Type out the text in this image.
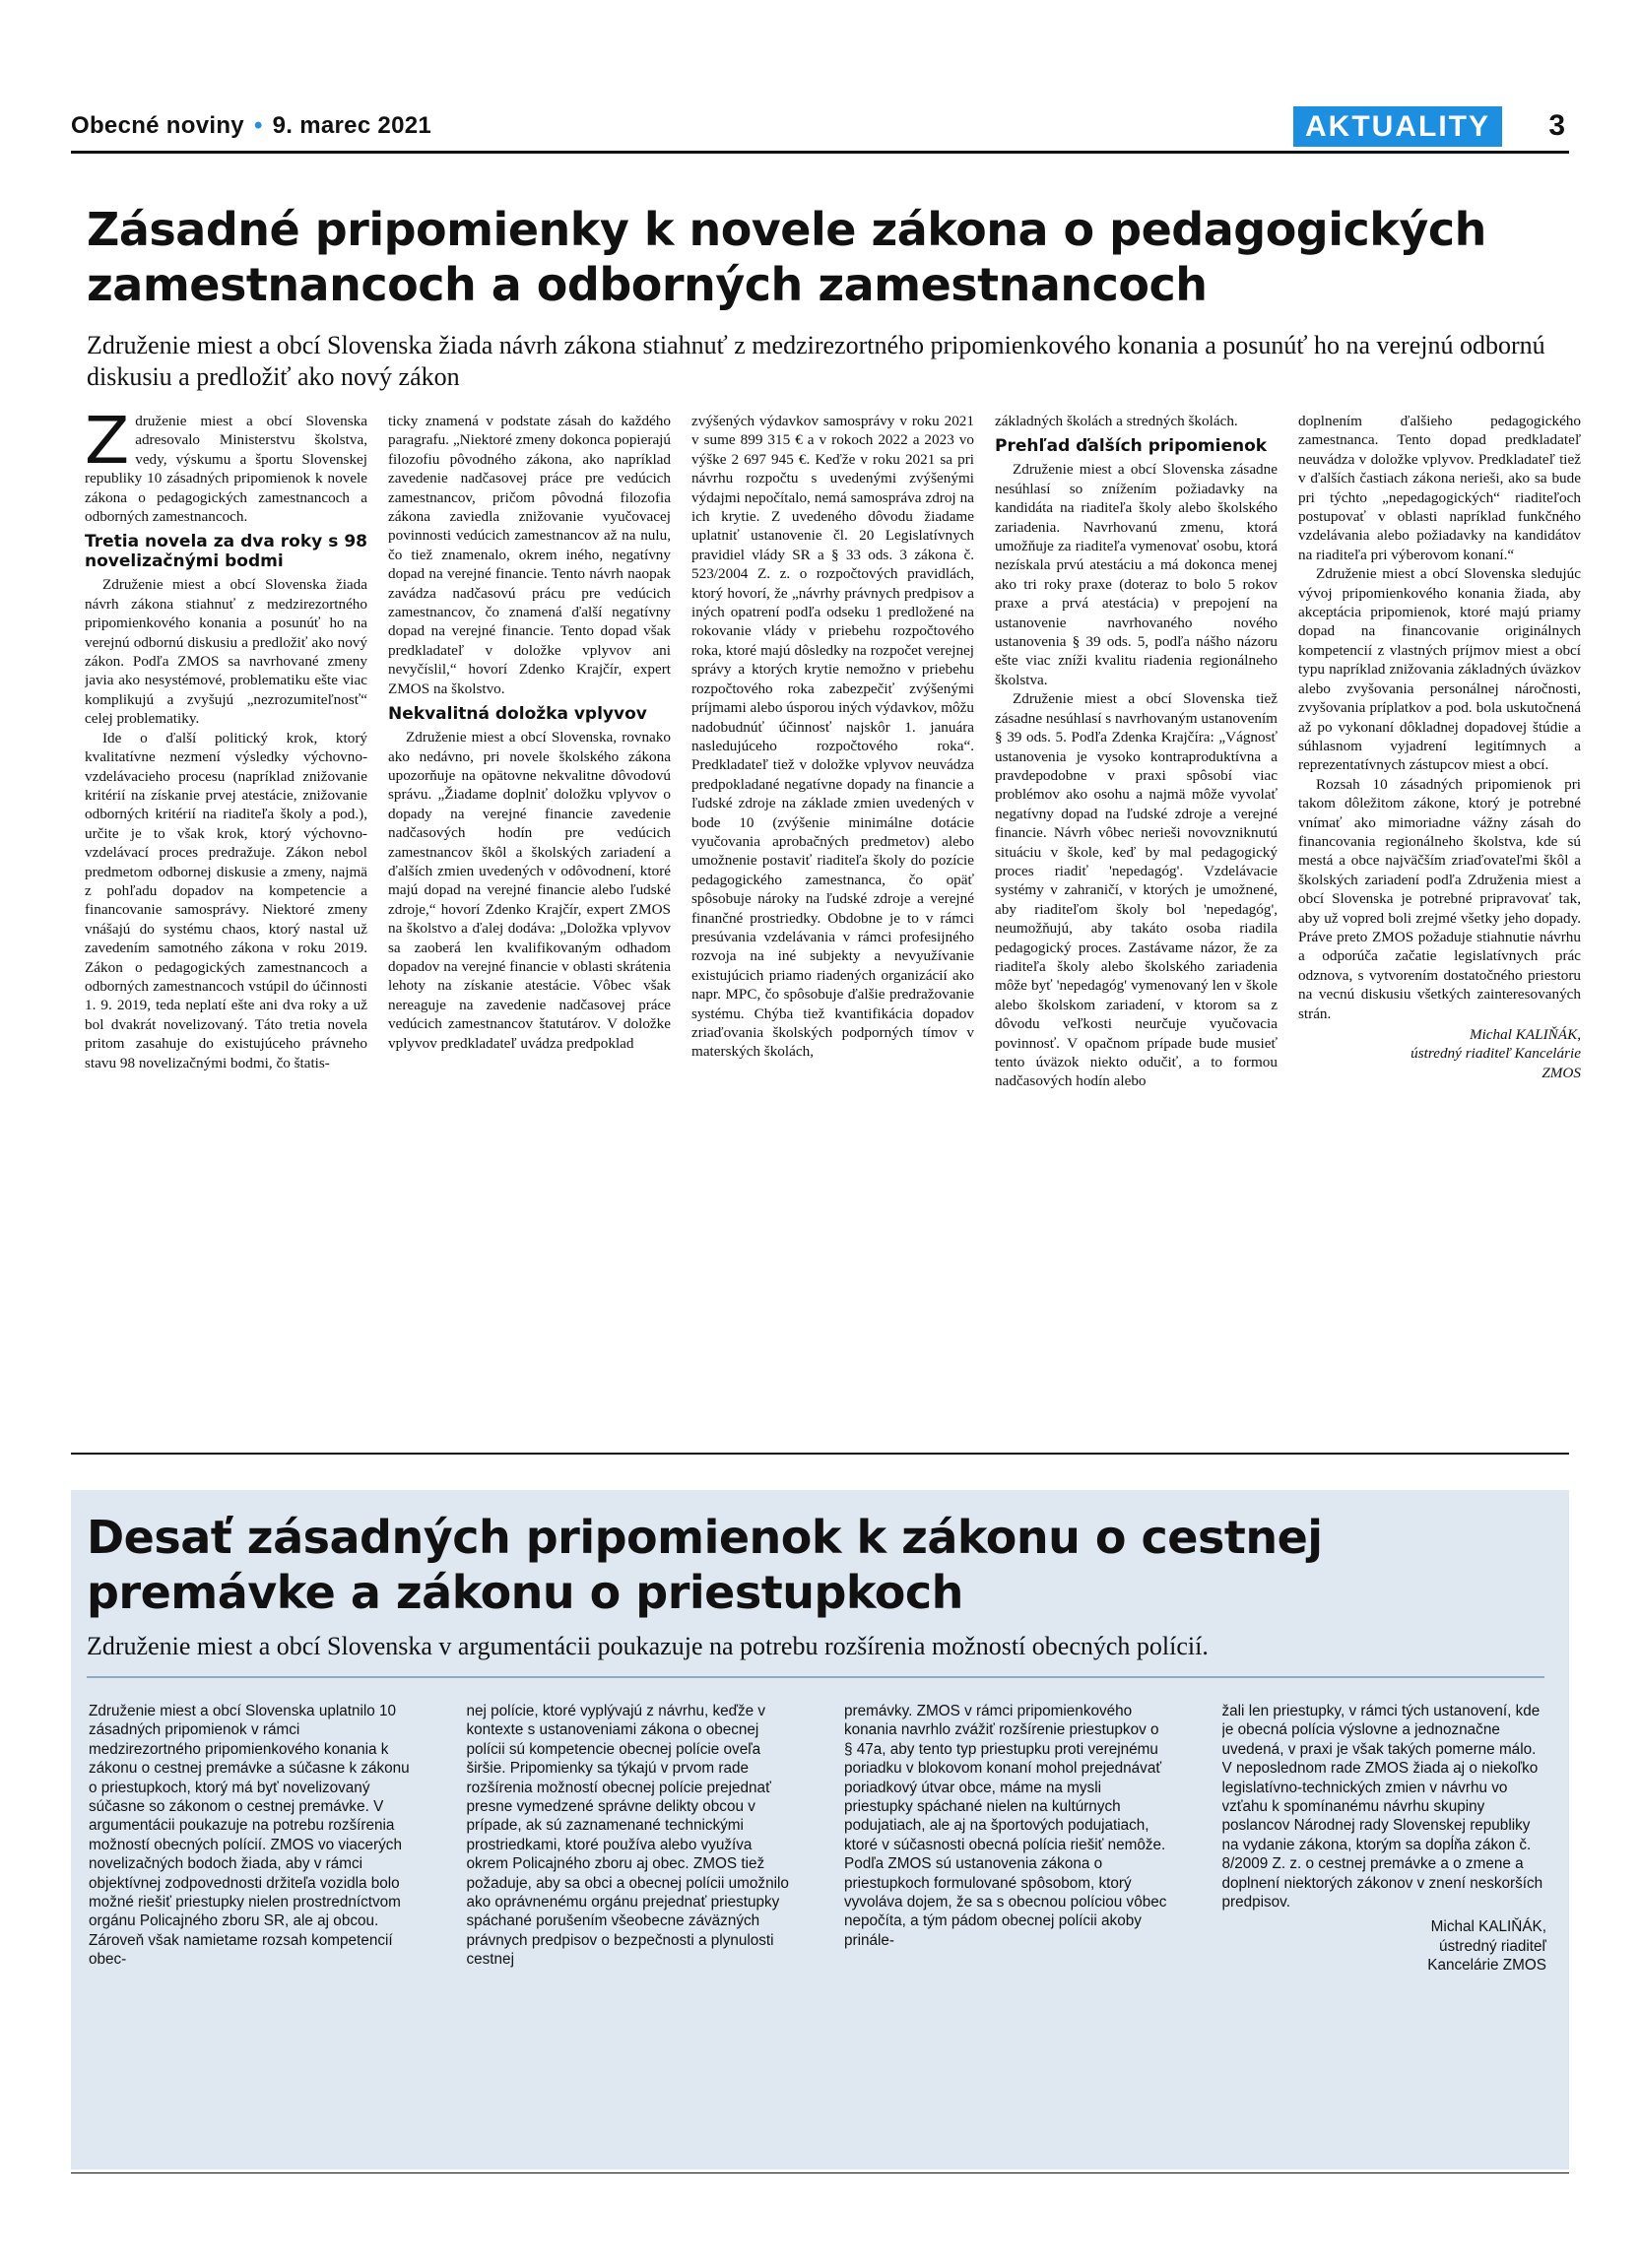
Obecné noviny • 9. marec 2021	AKTUALITY	3
Zásadné pripomienky k novele zákona o pedagogických zamestnancoch a odborných zamestnancoch

Združenie miest a obcí Slovenska žiada návrh zákona stiahnuť z medzirezortného pripomienkového konania a posunúť ho na verejnú odbornú diskusiu a predložiť ako nový zákon

Združenie miest a obcí Slovenska adresovalo Ministerstvu školstva, vedy, výskumu a športu Slovenskej republiky 10 zásadných pripomienok k novele zákona o pedagogických zamestnancoch a odborných zamestnancoch.

Tretia novela za dva roky s 98 novelizačnými bodmi

Združenie miest a obcí Slovenska žiada návrh zákona stiahnuť z medzirezortného pripomienkového konania a posunúť ho na verejnú odbornú diskusiu a predložiť ako nový zákon. Podľa ZMOS sa navrhované zmeny javia ako nesystémové, problematiku ešte viac komplikujú a zvyšujú „nezrozumiteľnosť“ celej problematiky.

Ide o ďalší politický krok, ktorý kvalitatívne nezmení výsledky výchovno-vzdelávacieho procesu (napríklad znižovanie kritérií na získanie prvej atestácie, znižovanie odborných kritérií na riaditeľa školy a pod.), určite je to však krok, ktorý výchovno-vzdelávací proces predražuje. Zákon nebol predmetom odbornej diskusie a zmeny, najmä z pohľadu dopadov na kompetencie a financovanie samosprávy. Niektoré zmeny vnášajú do systému chaos, ktorý nastal už zavedením samotného zákona v roku 2019. Zákon o pedagogických zamestnancoch a odborných zamestnancoch vstúpil do účinnosti 1. 9. 2019, teda neplatí ešte ani dva roky a už bol dvakrát novelizovaný. Táto tretia novela pritom zasahuje do existujúceho právneho stavu 98 novelizačnými bodmi, čo štatis-

ticky znamená v podstate zásah do každého paragrafu. „Niektoré zmeny dokonca popierajú filozofiu pôvodného zákona, ako napríklad zavedenie nadčasovej práce pre vedúcich zamestnancov, pričom pôvodná filozofia zákona zaviedla znižovanie vyučovacej povinnosti vedúcich zamestnancov až na nulu, čo tiež znamenalo, okrem iného, negatívny dopad na verejné financie. Tento návrh naopak zavádza nadčasovú prácu pre vedúcich zamestnancov, čo znamená ďalší negatívny dopad na verejné financie. Tento dopad však predkladateľ v doložke vplyvov ani nevyčíslil,“ hovorí Zdenko Krajčír, expert ZMOS na školstvo.

Nekvalitná doložka vplyvov

Združenie miest a obcí Slovenska, rovnako ako nedávno, pri novele školského zákona upozorňuje na opätovne nekvalitne dôvodovú správu. „Žiadame doplniť doložku vplyvov o dopady na verejné financie zavedenie nadčasových hodín pre vedúcich zamestnancov škôl a školských zariadení a ďalších zmien uvedených v odôvodnení, ktoré majú dopad na verejné financie alebo ľudské zdroje,“ hovorí Zdenko Krajčír, expert ZMOS na školstvo a ďalej dodáva: „Doložka vplyvov sa zaoberá len kvalifikovaným odhadom dopadov na verejné financie v oblasti skrátenia lehoty na získanie atestácie. Vôbec však nereaguje na zavedenie nadčasovej práce vedúcich zamestnancov štatutárov. V doložke vplyvov predkladateľ uvádza predpoklad

zvýšených výdavkov samosprávy v roku 2021 v sume 899 315 € a v rokoch 2022 a 2023 vo výške 2 697 945 €. Keďže v roku 2021 sa pri návrhu rozpočtu s uvedenými zvýšenými výdajmi nepočítalo, nemá samospráva zdroj na ich krytie. Z uvedeného dôvodu žiadame uplatniť ustanovenie čl. 20 Legislatívnych pravidiel vlády SR a § 33 ods. 3 zákona č. 523/2004 Z. z. o rozpočtových pravidlách, ktorý hovorí, že „návrhy právnych predpisov a iných opatrení podľa odseku 1 predložené na rokovanie vlády v priebehu rozpočtového roka, ktoré majú dôsledky na rozpočet verejnej správy a ktorých krytie nemožno v priebehu rozpočtového roka zabezpečiť zvýšenými príjmami alebo úsporou iných výdavkov, môžu nadobudnúť účinnosť najskôr 1. januára nasledujúceho rozpočtového roka“. Predkladateľ tiež v doložke vplyvov neuvádza predpokladané negatívne dopady na financie a ľudské zdroje na základe zmien uvedených v bode 10 (zvýšenie minimálne dotácie vyučovania aprobačných predmetov) alebo umožnenie postaviť riaditeľa školy do pozície pedagogického zamestnanca, čo opäť spôsobuje nároky na ľudské zdroje a verejné finančné prostriedky. Obdobne je to v rámci presúvania vzdelávania v rámci profesijného rozvoja na iné subjekty a nevyužívanie existujúcich priamo riadených organizácií ako napr. MPC, čo spôsobuje ďalšie predražovanie systému. Chýba tiež kvantifikácia dopadov zriaďovania školských podporných tímov v materských školách,

základných školách a stredných školách.

Prehľad ďalších pripomienok

Združenie miest a obcí Slovenska zásadne nesúhlasí so znížením požiadavky na kandidáta na riaditeľa školy alebo školského zariadenia. Navrhovanú zmenu, ktorá umožňuje za riaditeľa vymenovať osobu, ktorá nezískala prvú atestáciu a má dokonca menej ako tri roky praxe (doteraz to bolo 5 rokov praxe a prvá atestácia) v prepojení na ustanovenie navrhovaného nového ustanovenia § 39 ods. 5, podľa nášho názoru ešte viac zníži kvalitu riadenia regionálneho školstva.

Združenie miest a obcí Slovenska tiež zásadne nesúhlasí s navrhovaným ustanovením § 39 ods. 5. Podľa Zdenka Krajčíra: „Vágnosť ustanovenia je vysoko kontraproduktívna a pravdepodobne v praxi spôsobí viac problémov ako osohu a najmä môže vyvolať negatívny dopad na ľudské zdroje a verejné financie. Návrh vôbec nerieši novovzniknutú situáciu v škole, keď by mal pedagogický proces riadiť 'nepedagóg'. Vzdelávacie systémy v zahraničí, v ktorých je umožnené, aby riaditeľom školy bol 'nepedagóg', neumožňujú, aby takáto osoba riadila pedagogický proces. Zastávame názor, že za riaditeľa školy alebo školského zariadenia môže byť 'nepedagóg' vymenovaný len v škole alebo školskom zariadení, v ktorom sa z dôvodu veľkosti neurčuje vyučovacia povinnosť. V opačnom prípade bude musieť tento úväzok niekto odučiť, a to formou nadčasových hodín alebo

doplnením ďalšieho pedagogického zamestnanca. Tento dopad predkladateľ neuvádza v doložke vplyvov. Predkladateľ tiež v ďalších častiach zákona nerieši, ako sa bude pri týchto „nepedagogických“ riaditeľoch postupovať v oblasti napríklad funkčného vzdelávania alebo požiadavky na kandidátov na riaditeľa pri výberovom konaní.“

Združenie miest a obcí Slovenska sledujúc vývoj pripomienkového konania žiada, aby akceptácia pripomienok, ktoré majú priamy dopad na financovanie originálnych kompetencií z vlastných príjmov miest a obcí typu napríklad znižovania základných úväzkov alebo zvyšovania personálnej náročnosti, zvyšovania príplatkov a pod. bola uskutočnená až po vykonaní dôkladnej dopadovej štúdie a súhlasnom vyjadrení legitímnych a reprezentatívnych zástupcov miest a obcí.

Rozsah 10 zásadných pripomienok pri takom dôležitom zákone, ktorý je potrebné vnímať ako mimoriadne vážny zásah do financovania regionálneho školstva, kde sú mestá a obce najväčším zriaďovateľmi škôl a školských zariadení podľa Združenia miest a obcí Slovenska je potrebné pripravovať tak, aby už vopred boli zrejmé všetky jeho dopady. Práve preto ZMOS požaduje stiahnutie návrhu a odporúča začatie legislatívnych prác odznova, s vytvorením dostatočného priestoru na vecnú diskusiu všetkých zainteresovaných strán.

Michal KALIŇÁK,
ústredný riaditeľ Kancelárie
ZMOS
Desať zásadných pripomienok k zákonu o cestnej premávke a zákonu o priestupkoch

Združenie miest a obcí Slovenska v argumentácii poukazuje na potrebu rozšírenia možností obecných polícií.

Združenie miest a obcí Slovenska uplatnilo 10 zásadných pripomienok v rámci medzirezortného pripomienkového konania k zákonu o cestnej premávke a súčasne k zákonu o priestupkoch, ktorý má byť novelizovaný súčasne so zákonom o cestnej premávke. V argumentácii poukazuje na potrebu rozšírenia možností obecných polícií. ZMOS vo viacerých novelizačných bodoch žiada, aby v rámci objektívnej zodpovednosti držiteľa vozidla bolo možné riešiť priestupky nielen prostredníctvom orgánu Policajného zboru SR, ale aj obcou. Zároveň však namietame rozsah kompetencií obec-

nej polície, ktoré vyplývajú z návrhu, keďže v kontexte s ustanoveniami zákona o obecnej polícii sú kompetencie obecnej polície oveľa širšie. Pripomienky sa týkajú v prvom rade rozšírenia možností obecnej polície prejednať presne vymedzené správne delikty obcou v prípade, ak sú zaznamenané technickými prostriedkami, ktoré používa alebo využíva okrem Policajného zboru aj obec. ZMOS tiež požaduje, aby sa obci a obecnej polícii umožnilo ako oprávnenému orgánu prejednať priestupky spáchané porušením všeobecne záväzných právnych predpisov o bezpečnosti a plynulosti cestnej

premávky. ZMOS v rámci pripomienkového konania navrhlo zvážiť rozšírenie priestupkov o § 47a, aby tento typ priestupku proti verejnému poriadku v blokovom konaní mohol prejednávať poriadkový útvar obce, máme na mysli priestupky spáchané nielen na kultúrnych podujatiach, ale aj na športových podujatiach, ktoré v súčasnosti obecná polícia riešiť nemôže. Podľa ZMOS sú ustanovenia zákona o priestupkoch formulované spôsobom, ktorý vyvoláva dojem, že sa s obecnou políciou vôbec nepočíta, a tým pádom obecnej polícii akoby prinále-

žali len priestupky, v rámci tých ustanovení, kde je obecná polícia výslovne a jednoznačne uvedená, v praxi je však takých pomerne málo. V neposlednom rade ZMOS žiada aj o niekoľko legislatívno-technických zmien v návrhu vo vzťahu k spomínanému návrhu skupiny poslancov Národnej rady Slovenskej republiky na vydanie zákona, ktorým sa dopĺňa zákon č. 8/2009 Z. z. o cestnej premávke a o zmene a doplnení niektorých zákonov v znení neskorších predpisov.

Michal KALIŇÁK,
ústredný riaditeľ
Kancelárie ZMOS
